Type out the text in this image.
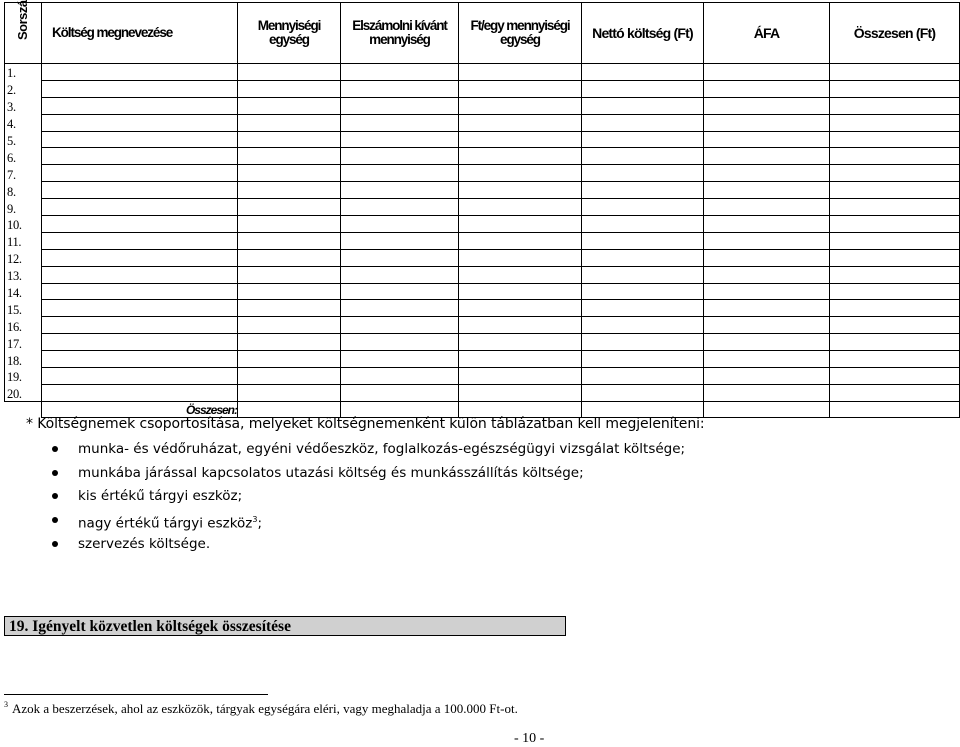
Sorszá	Költség megnevezése	Mennyiségi egység	Elszámolni kívánt mennyiség	Ft/egy mennyiségi egység	Nettó költség (Ft)	ÁFA	Összesen (Ft)
1.							
2.							
3.							
4.							
5.							
6.							
7.							
8.							
9.							
10.							
11.							
12.							
13.							
14.							
15.							
16.							
17.							
18.							
19.							
20.							
	Összesen:						
* Költségnemek csoportosítása, melyeket költségnemenként külön táblázatban kell megjeleníteni:
munka- és védőruházat, egyéni védőeszköz, foglalkozás-egészségügyi vizsgálat költsége;
munkába járással kapcsolatos utazási költség és munkásszállítás költsége;
kis értékű tárgyi eszköz;
nagy értékű tárgyi eszköz$^3$;
szervezés költsége.
19. Igényelt közvetlen költségek összesítése
$^3$ Azok a beszerzések, ahol az eszközök, tárgyak egységára eléri, vagy meghaladja a 100.000 Ft-ot.
- 10 -
